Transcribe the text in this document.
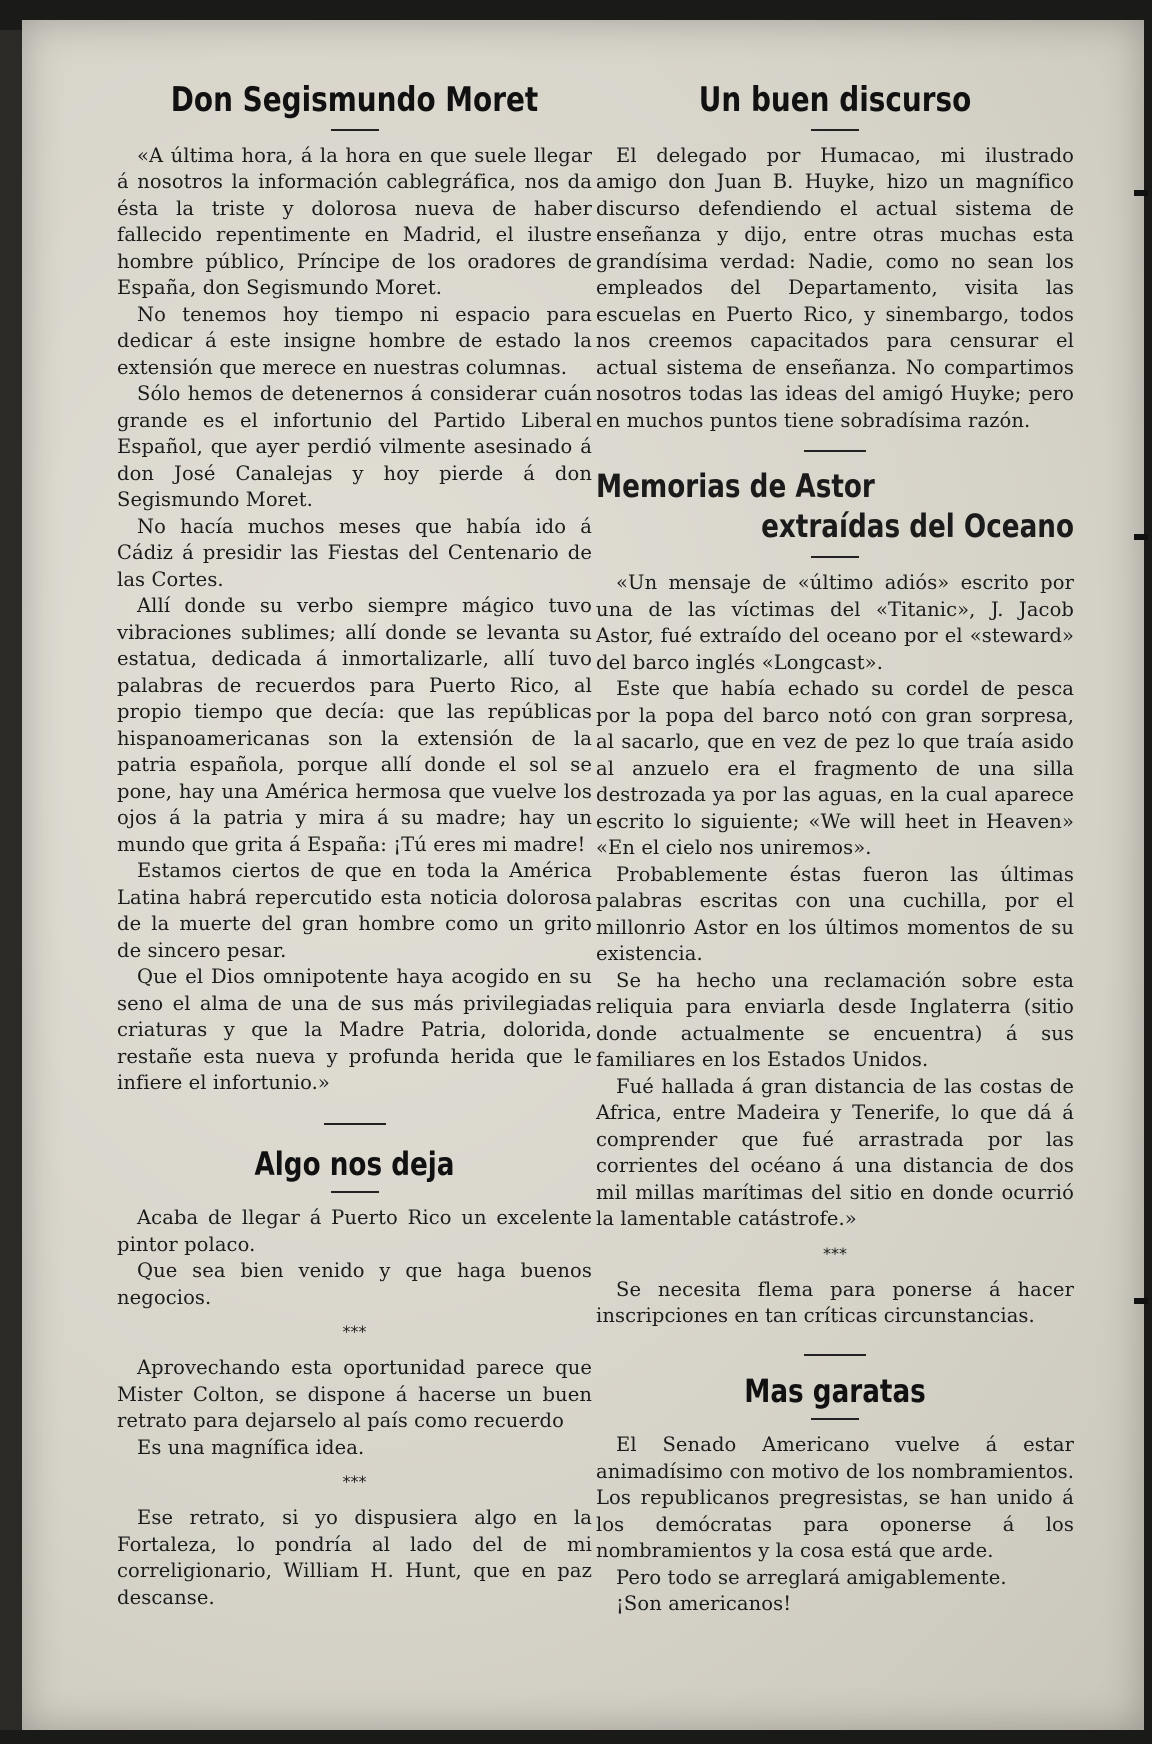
Don Segismundo Moret

«A última hora, á la hora en que suele llegar á nosotros la información cablegráfica, nos da ésta la triste y dolorosa nueva de haber fallecido repentimente en Madrid, el ilustre hombre público, Príncipe de los oradores de España, don Segismundo Moret.

No tenemos hoy tiempo ni espacio para dedicar á este insigne hombre de estado la extensión que merece en nuestras columnas.

Sólo hemos de detenernos á considerar cuán grande es el infortunio del Partido Liberal Español, que ayer perdió vilmente asesinado á don José Canalejas y hoy pierde á don Segismundo Moret.

No hacía muchos meses que había ido á Cádiz á presidir las Fiestas del Centenario de las Cortes.

Allí donde su verbo siempre mágico tuvo vibraciones sublimes; allí donde se levanta su estatua, dedicada á inmortalizarle, allí tuvo palabras de recuerdos para Puerto Rico, al propio tiempo que decía: que las repúblicas hispanoamericanas son la extensión de la patria española, porque allí donde el sol se pone, hay una América hermosa que vuelve los ojos á la patria y mira á su madre; hay un mundo que grita á España: ¡Tú eres mi madre!

Estamos ciertos de que en toda la América Latina habrá repercutido esta noticia dolorosa de la muerte del gran hombre como un grito de sincero pesar.

Que el Dios omnipotente haya acogido en su seno el alma de una de sus más privilegiadas criaturas y que la Madre Patria, dolorida, restañe esta nueva y profunda herida que le infiere el infortunio.»

Algo nos deja

Acaba de llegar á Puerto Rico un excelente pintor polaco.

Que sea bien venido y que haga buenos negocios.

***

Aprovechando esta oportunidad parece que Mister Colton, se dispone á hacerse un buen retrato para dejarselo al país como recuerdo

Es una magnífica idea.

***

Ese retrato, si yo dispusiera algo en la Fortaleza, lo pondría al lado del de mi correligionario, William H. Hunt, que en paz descanse.

Un buen discurso

El delegado por Humacao, mi ilustrado amigo don Juan B. Huyke, hizo un magnífico discurso defendiendo el actual sistema de enseñanza y dijo, entre otras muchas esta grandísima verdad: Nadie, como no sean los empleados del Departamento, visita las escuelas en Puerto Rico, y sinembargo, todos nos creemos capacitados para censurar el actual sistema de enseñanza. No compartimos nosotros todas las ideas del amigó Huyke; pero en muchos puntos tiene sobradísima razón.

Memorias de Astor
extraídas del Oceano

«Un mensaje de «último adiós» escrito por una de las víctimas del «Titanic», J. Jacob Astor, fué extraído del oceano por el «steward» del barco inglés «Longcast».

Este que había echado su cordel de pesca por la popa del barco notó con gran sorpresa, al sacarlo, que en vez de pez lo que traía asido al anzuelo era el fragmento de una silla destrozada ya por las aguas, en la cual aparece escrito lo siguiente; «We will heet in Heaven» «En el cielo nos uniremos».

Probablemente éstas fueron las últimas palabras escritas con una cuchilla, por el millonrio Astor en los últimos momentos de su existencia.

Se ha hecho una reclamación sobre esta reliquia para enviarla desde Inglaterra (sitio donde actualmente se encuentra) á sus familiares en los Estados Unidos.

Fué hallada á gran distancia de las costas de Africa, entre Madeira y Tenerife, lo que dá á comprender que fué arrastrada por las corrientes del océano á una distancia de dos mil millas marítimas del sitio en donde ocurrió la lamentable catástrofe.»

***

Se necesita flema para ponerse á hacer inscripciones en tan críticas circunstancias.

Mas garatas

El Senado Americano vuelve á estar animadísimo con motivo de los nombramientos. Los republicanos pregresistas, se han unido á los demócratas para oponerse á los nombramientos y la cosa está que arde.

Pero todo se arreglará amigablemente.

¡Son americanos!
